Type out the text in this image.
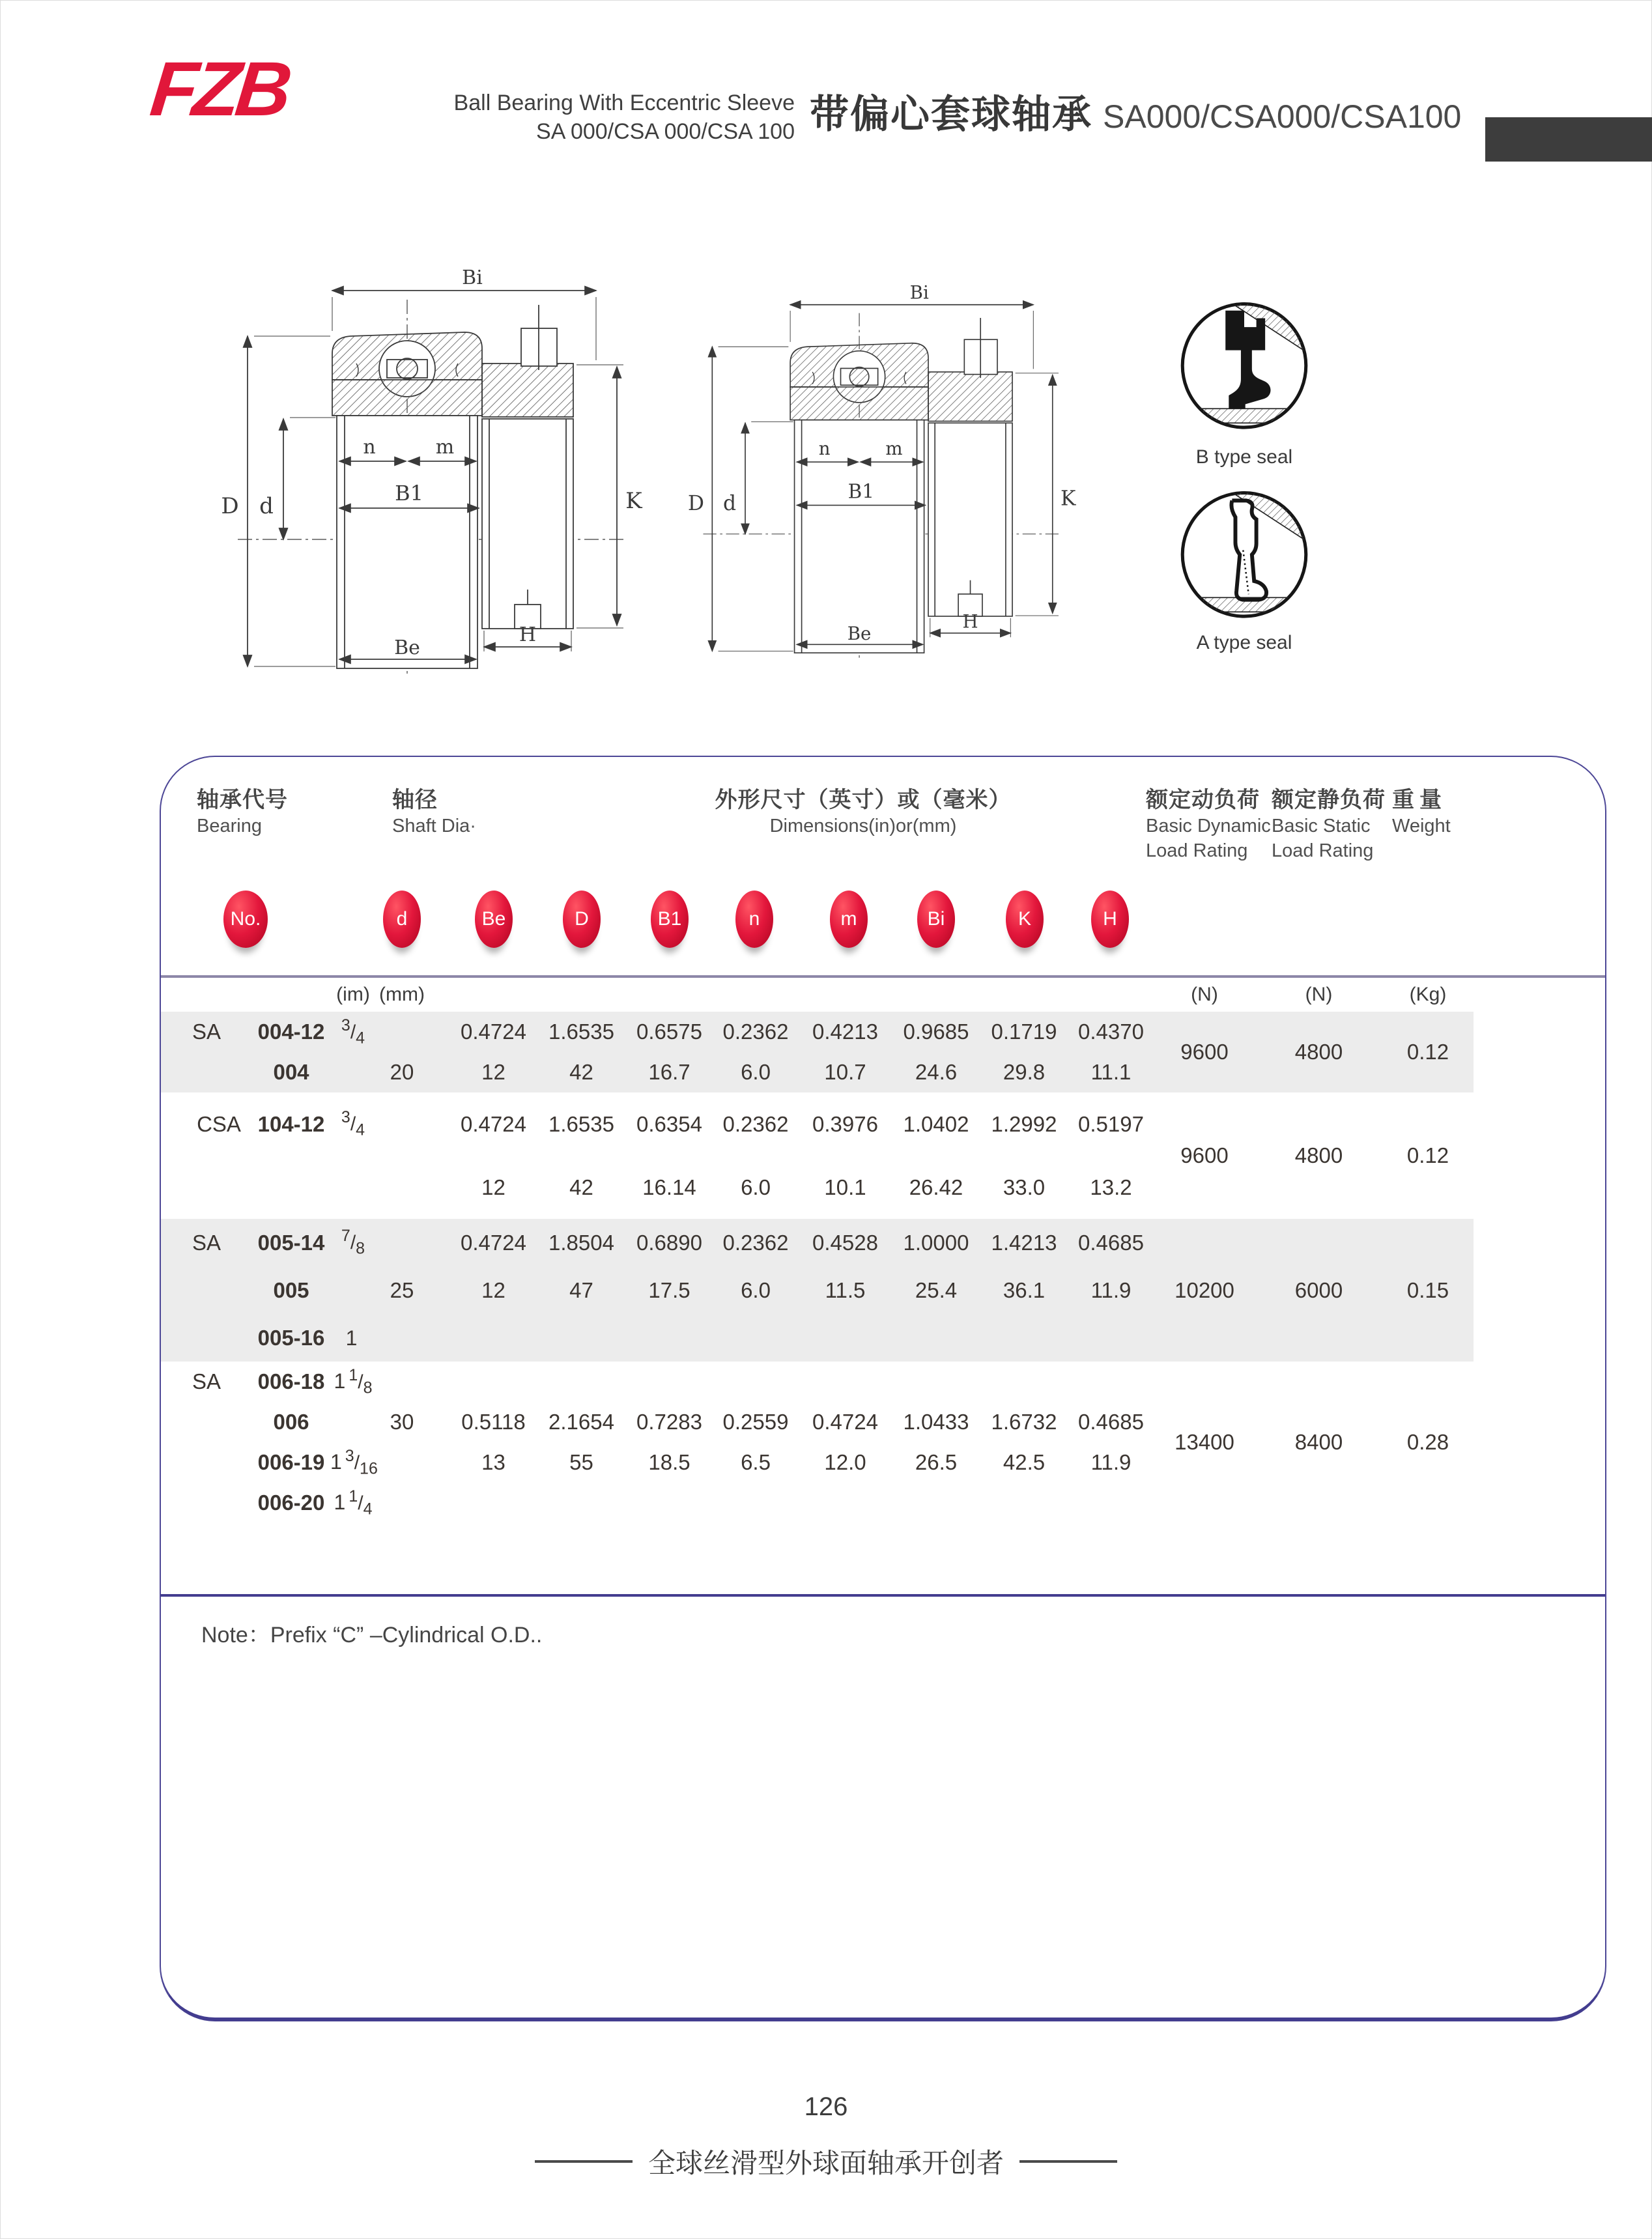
FZB	Ball Bearing With Eccentric Sleeve
SA 000/CSA 000/CSA 100 带偏心套球轴承 SA000/CSA000/CSA100
Bi
D d
n	m
B1	K
H
Be
Bi
D d
n	m
B1	K
H
Be
B type seal
A type seal
轴承代号
Bearing
轴径
Shaft Dia·
外形尺寸（英寸）或（毫米）
Dimensions(in)or(mm)
额定动负荷
Basic Dynamic
Load Rating
额定静负荷
Basic Static
Load Rating
重量
Weight
No.	d	Be	D	B1	n	m	Bi	K	H
		(im)	(mm)										(N)	(N)	(Kg)	
SA	004-12	$^3/_4$			0.4724	1.6535	0.6575	0.2362	0.4213	0.9685	0.1719	0.4370	9600	4800	0.12	
	004		20		12	42	16.7	6.0	10.7	24.6	29.8	11.1				
CSA	104-12	$^3/_4$			0.4724	1.6535	0.6354	0.2362	0.3976	1.0402	1.2992	0.5197	9600	4800	0.12	
					12	42	16.14	6.0	10.1	26.42	33.0	13.2				
SA	005-14	$^7/_8$			0.4724	1.8504	0.6890	0.2362	0.4528	1.0000	1.4213	0.4685	10200	6000	0.15	
	005		25		12	47	17.5	6.0	11.5	25.4	36.1	11.9				
	005-16	1														
SA	006-18	1 $^1/_8$											13400	8400	0.28	
	006		30		0.5118	2.1654	0.7283	0.2559	0.4724	1.0433	1.6732	0.4685				
	006-19	1 $^3/_{16}$			13	55	18.5	6.5	12.0	26.5	42.5	11.9				
	006-20	1 $^1/_4$										
Note：Prefix “C” –Cylindrical O.D..
126
全球丝滑型外球面轴承开创者
